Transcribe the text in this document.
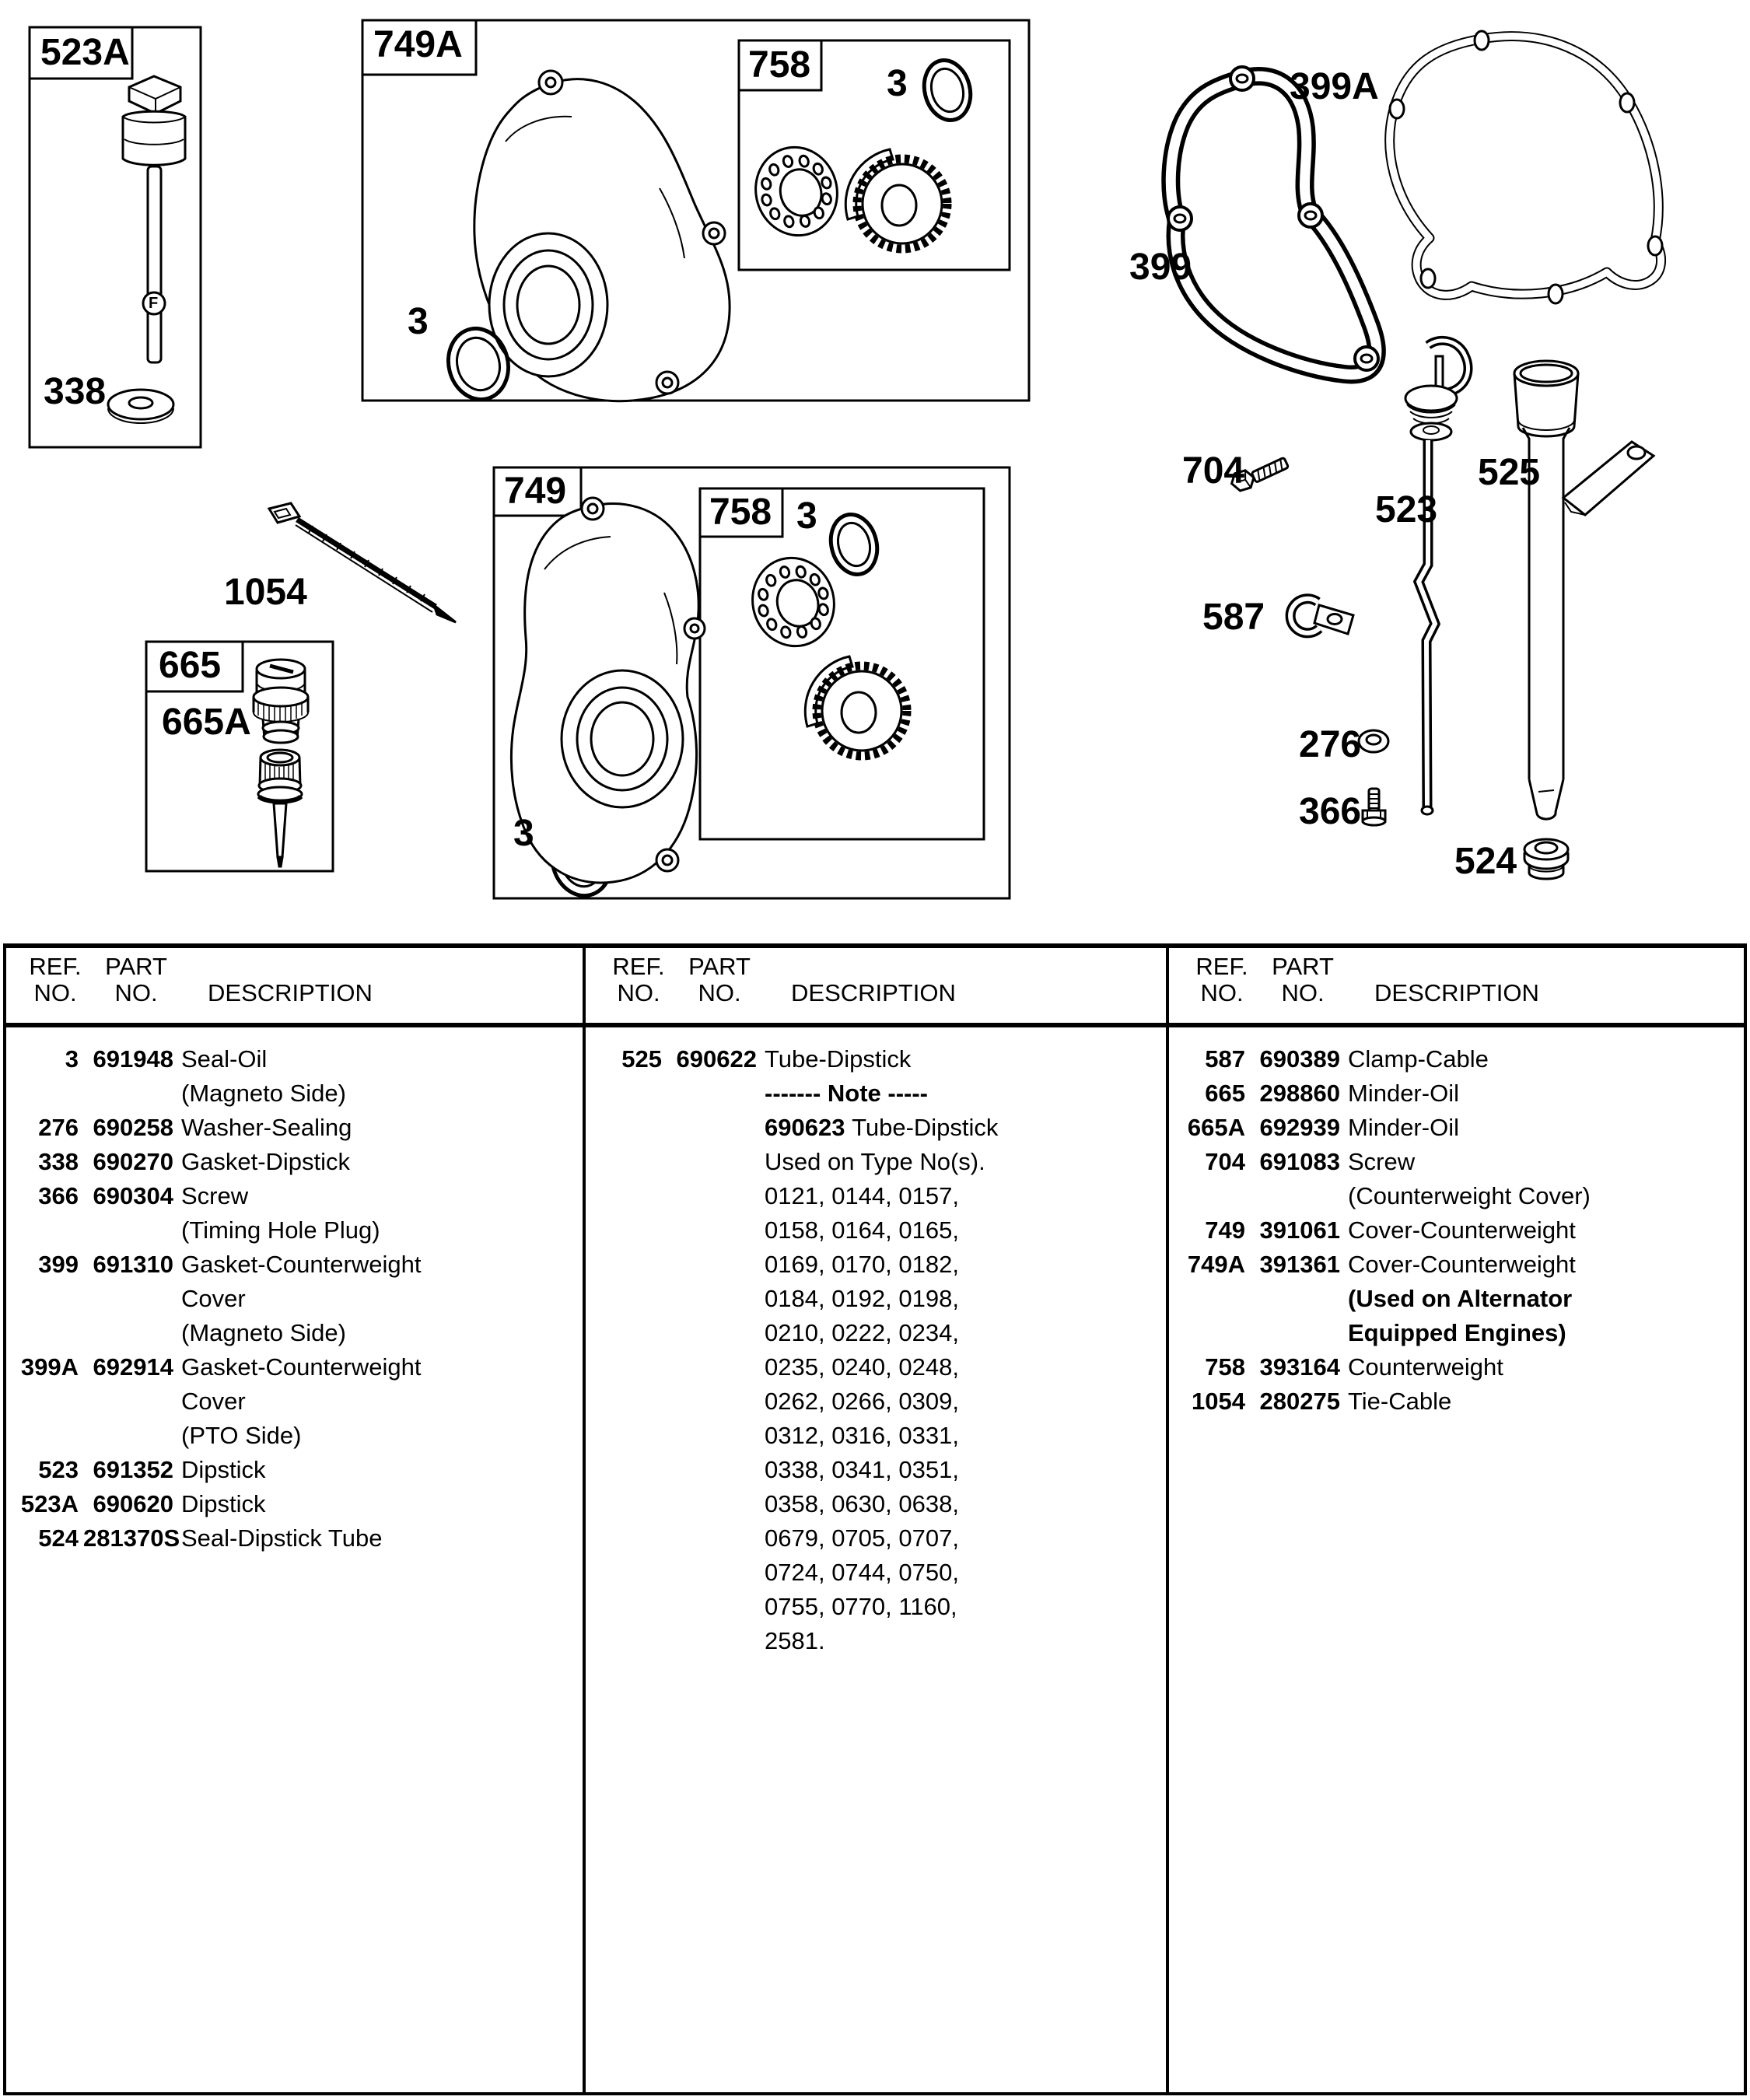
523A
338
749A
3
758 3	399A
399
749
758 3
3
1054
665
665A
704
523
525
587
276
366
524
F
REF.
NO.
PART
NO.	DESCRIPTION
REF.
NO.
PART
NO.	DESCRIPTION
REF.
NO.
PART
NO.	DESCRIPTION
3 691948 Seal-Oil
(Magneto Side)
276 690258 Washer-Sealing
338 690270 Gasket-Dipstick
366 690304 Screw
(Timing Hole Plug)
399 691310 Gasket-Counterweight
Cover
(Magneto Side)
399A 692914 Gasket-Counterweight
Cover
(PTO Side)
523 691352 Dipstick
523A 690620 Dipstick
524 281370S Seal-Dipstick Tube
525 690622 Tube-Dipstick
------- Note -----
690623 Tube-Dipstick
Used on Type No(s).
0121, 0144, 0157,
0158, 0164, 0165,
0169, 0170, 0182,
0184, 0192, 0198,
0210, 0222, 0234,
0235, 0240, 0248,
0262, 0266, 0309,
0312, 0316, 0331,
0338, 0341, 0351,
0358, 0630, 0638,
0679, 0705, 0707,
0724, 0744, 0750,
0755, 0770, 1160,
2581.
587 690389 Clamp-Cable
665 298860 Minder-Oil
665A 692939 Minder-Oil
704 691083 Screw
(Counterweight Cover)
749 391061 Cover-Counterweight
749A 391361 Cover-Counterweight
(Used on Alternator
Equipped Engines)
758 393164 Counterweight
1054 280275 Tie-Cable
